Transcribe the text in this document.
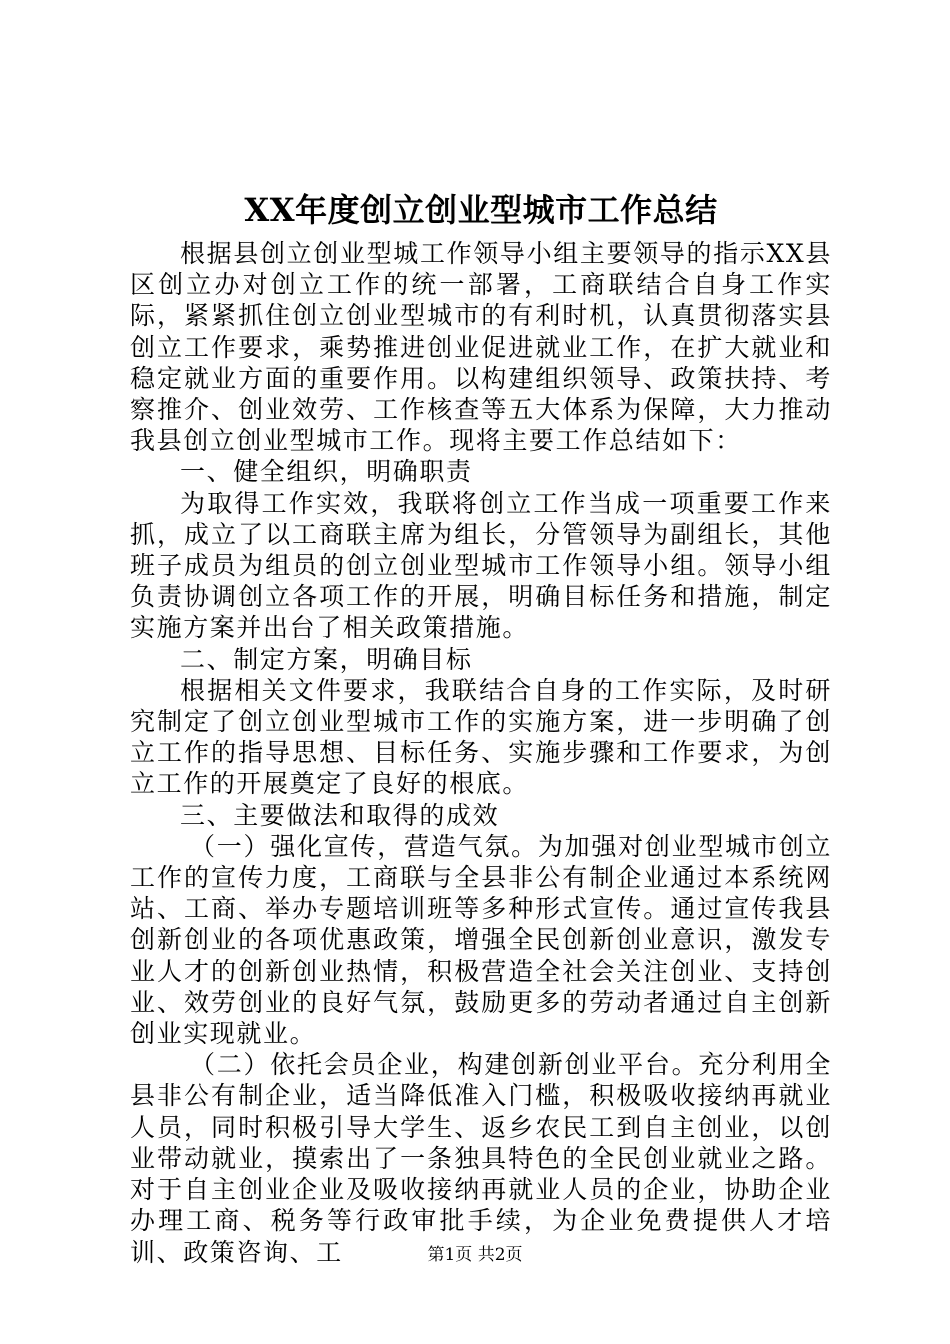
XX年度创立创业型城市工作总结

根据县创立创业型城工作领导小组主要领导的指示XX县区创立办对创立工作的统一部署，工商联结合自身工作实际，紧紧抓住创立创业型城市的有利时机，认真贯彻落实县创立工作要求，乘势推进创业促进就业工作，在扩大就业和稳定就业方面的重要作用。以构建组织领导、政策扶持、考察推介、创业效劳、工作核查等五大体系为保障，大力推动我县创立创业型城市工作。现将主要工作总结如下：

一、健全组织，明确职责

为取得工作实效，我联将创立工作当成一项重要工作来抓，成立了以工商联主席为组长，分管领导为副组长，其他班子成员为组员的创立创业型城市工作领导小组。领导小组负责协调创立各项工作的开展，明确目标任务和措施，制定实施方案并出台了相关政策措施。

二、制定方案，明确目标

根据相关文件要求，我联结合自身的工作实际，及时研究制定了创立创业型城市工作的实施方案，进一步明确了创立工作的指导思想、目标任务、实施步骤和工作要求，为创立工作的开展奠定了良好的根底。

三、主要做法和取得的成效

（一）强化宣传，营造气氛。为加强对创业型城市创立工作的宣传力度，工商联与全县非公有制企业通过本系统网站、工商、举办专题培训班等多种形式宣传。通过宣传我县创新创业的各项优惠政策，增强全民创新创业意识，激发专业人才的创新创业热情，积极营造全社会关注创业、支持创业、效劳创业的良好气氛，鼓励更多的劳动者通过自主创新创业实现就业。

（二）依托会员企业，构建创新创业平台。充分利用全县非公有制企业，适当降低准入门槛，积极吸收接纳再就业人员，同时积极引导大学生、返乡农民工到自主创业，以创业带动就业，摸索出了一条独具特色的全民创业就业之路。对于自主创业企业及吸收接纳再就业人员的企业，协助企业办理工商、税务等行政审批手续，为企业免费提供人才培训、政策咨询、工	第1页 共2页
